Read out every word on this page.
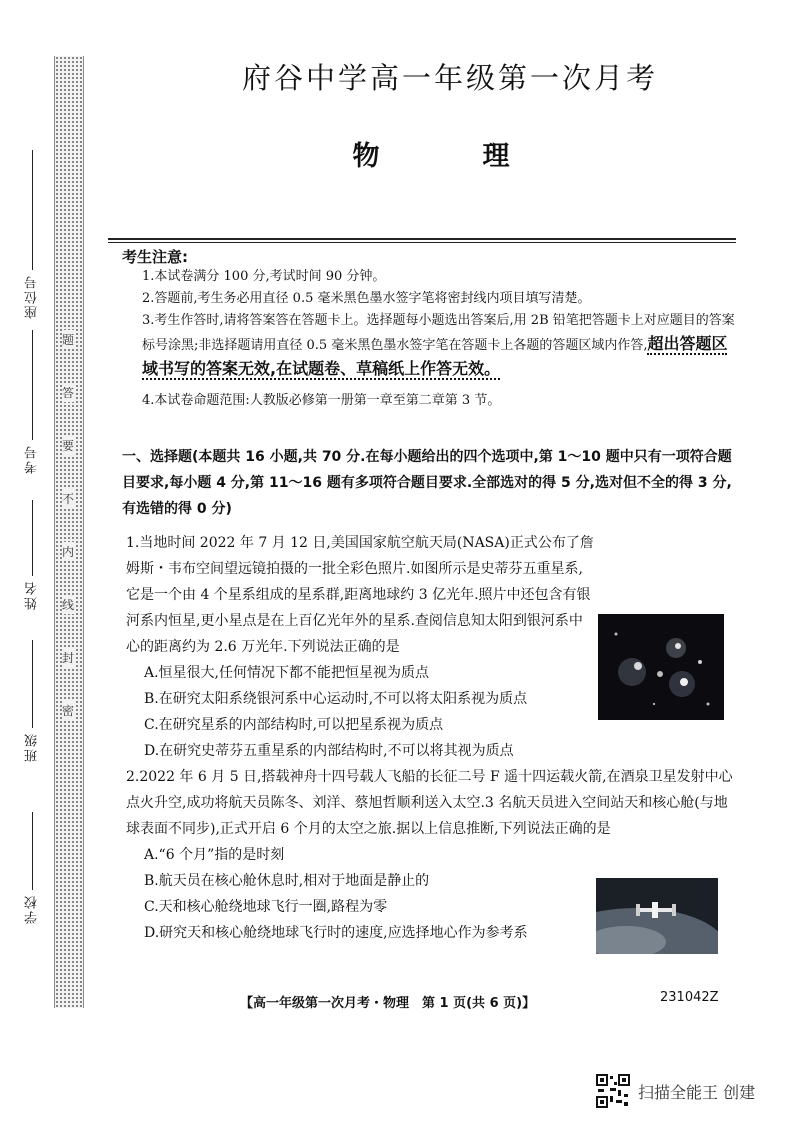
题
答
要
不
内
线
封
密
座位号
考号
姓名
班级
学校
府谷中学高一年级第一次月考
物　理
考生注意:
1.本试卷满分 100 分,考试时间 90 分钟。
2.答题前,考生务必用直径 0.5 毫米黑色墨水签字笔将密封线内项目填写清楚。
3.考生作答时,请将答案答在答题卡上。选择题每小题选出答案后,用 2B 铅笔把答题卡上对应题目的答案标号涂黑;非选择题请用直径 0.5 毫米黑色墨水签字笔在答题卡上各题的答题区域内作答,超出答题区域书写的答案无效,在试题卷、草稿纸上作答无效。
4.本试卷命题范围:人教版必修第一册第一章至第二章第 3 节。
一、选择题(本题共 16 小题,共 70 分.在每小题给出的四个选项中,第 1～10 题中只有一项符合题目要求,每小题 4 分,第 11～16 题有多项符合题目要求.全部选对的得 5 分,选对但不全的得 3 分,有选错的得 0 分)
1.当地时间 2022 年 7 月 12 日,美国国家航空航天局(NASA)正式公布了詹姆斯・韦布空间望远镜拍摄的一批全彩色照片.如图所示是史蒂芬五重星系,它是一个由 4 个星系组成的星系群,距离地球约 3 亿光年.照片中还包含有银河系内恒星,更小星点是在上百亿光年外的星系.查阅信息知太阳到银河系中心的距离约为 2.6 万光年.下列说法正确的是
A.恒星很大,任何情况下都不能把恒星视为质点
B.在研究太阳系绕银河系中心运动时,不可以将太阳系视为质点
C.在研究星系的内部结构时,可以把星系视为质点
D.在研究史蒂芬五重星系的内部结构时,不可以将其视为质点
2.2022 年 6 月 5 日,搭载神舟十四号载人飞船的长征二号 F 遥十四运载火箭,在酒泉卫星发射中心点火升空,成功将航天员陈冬、刘洋、蔡旭哲顺利送入太空.3 名航天员进入空间站天和核心舱(与地球表面不同步),正式开启 6 个月的太空之旅.据以上信息推断,下列说法正确的是
A.“6 个月”指的是时刻
B.航天员在核心舱休息时,相对于地面是静止的
C.天和核心舱绕地球飞行一圈,路程为零
D.研究天和核心舱绕地球飞行时的速度,应选择地心作为参考系
【高一年级第一次月考・物理　第 1 页(共 6 页)】	231042Z
扫描全能王 创建
